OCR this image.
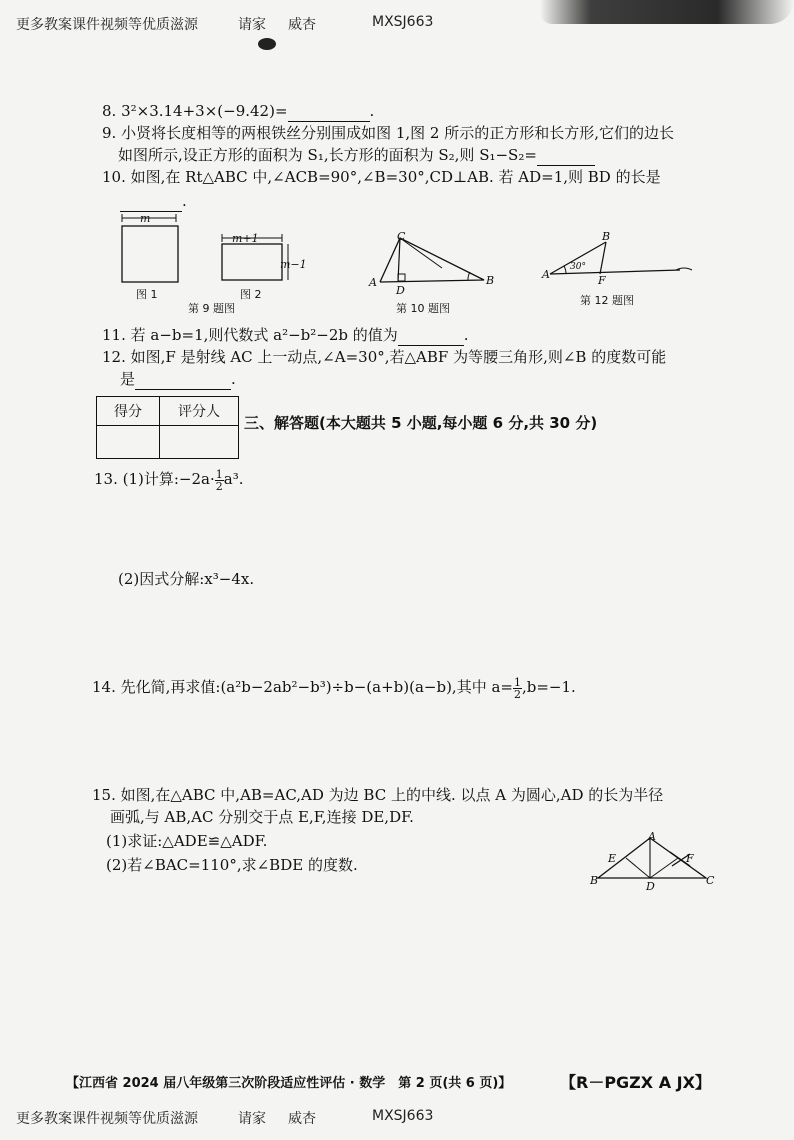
更多教案课件视频等优质滋源	请家 威杏	MXSJ663
8. 3²×3.14+3×(−9.42)=	.
9. 小贤将长度相等的两根铁丝分别围成如图 1,图 2 所示的正方形和长方形,它们的边长
如图所示,设正方形的面积为 S₁,长方形的面积为 S₂,则 S₁−S₂=
10. 如图,在 Rt△ABC 中,∠ACB=90°,∠B=30°,CD⊥AB. 若 AD=1,则 BD 的长是
.
m
m+1
m−1
图 1	图 2
第 9 题图
C
A
D
B
第 10 题图
A
B
F
30°
第 12 题图
11. 若 a−b=1,则代数式 a²−b²−2b 的值为	.
12. 如图,F 是射线 AC 上一动点,∠A=30°,若△ABF 为等腰三角形,则∠B 的度数可能
是	.
得分	评分人

三、解答题(本大题共 5 小题,每小题 6 分,共 30 分)
13. (1)计算:−2a· $\frac{1}{2} a^3$.
(2)因式分解:x³−4x.
14. 先化简,再求值:(a²b−2ab²−b³)÷b−(a+b)(a−b),其中 $a= \frac{1}{2} ,b=-1$.
15. 如图,在△ABC 中,AB=AC,AD 为边 BC 上的中线. 以点 A 为圆心,AD 的长为半径
画弧,与 AB,AC 分别交于点 E,F,连接 DE,DF.
(1)求证:△ADE≌△ADF.
(2)若∠BAC=110°,求∠BDE 的度数.
A
E	F
B	D	C
【江西省 2024 届八年级第三次阶段适应性评估 · 数学　第 2 页(共 6 页)】	【R－PGZX A JX】
更多教案课件视频等优质滋源	请家 威杏	MXSJ663
